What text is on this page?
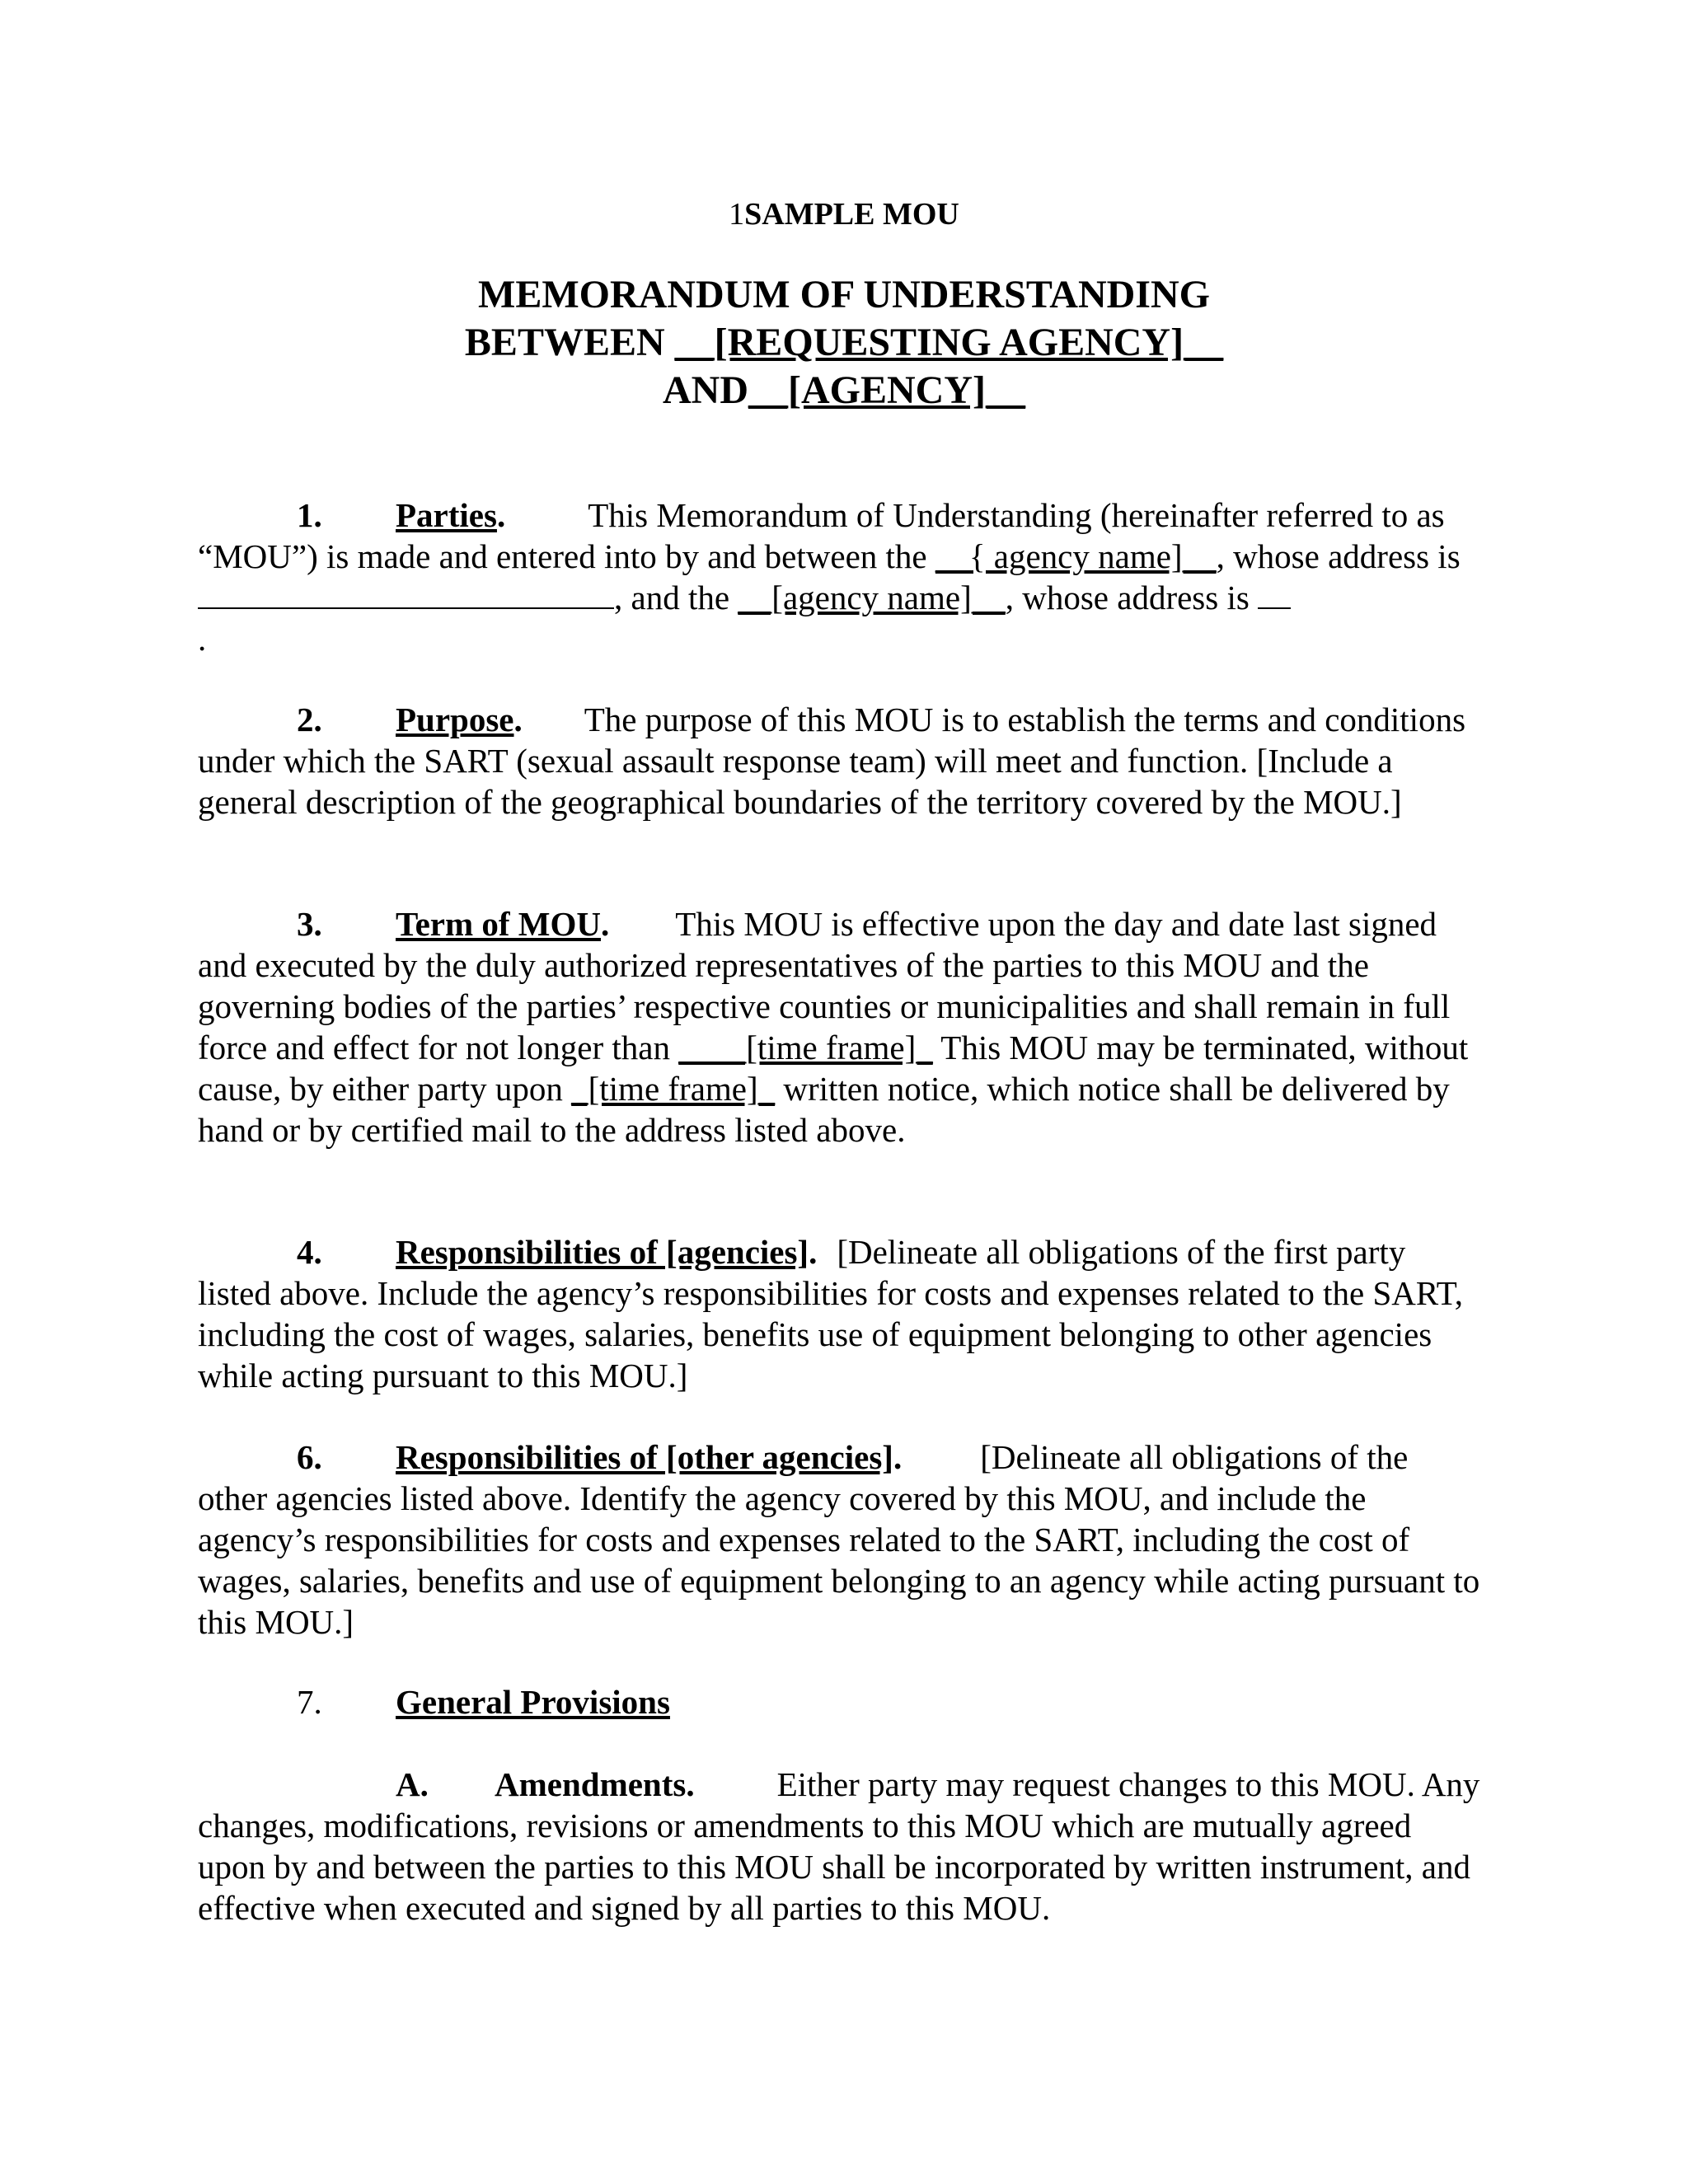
1SAMPLE MOU
MEMORANDUM OF UNDERSTANDING
BETWEEN __[REQUESTING AGENCY]__
AND__[AGENCY]__
1. Parties. This Memorandum of Understanding (hereinafter referred to as “MOU”) is made and entered into by and between the __{ agency name]__, whose address is , and the __[agency name]__, whose address is
.
2. Purpose. The purpose of this MOU is to establish the terms and conditions under which the SART (sexual assault response team) will meet and function. [Include a general description of the geographical boundaries of the territory covered by the MOU.]
3. Term of MOU. This MOU is effective upon the day and date last signed and executed by the duly authorized representatives of the parties to this MOU and the governing bodies of the parties’ respective counties or municipalities and shall remain in full force and effect for not longer than ____[time frame]_ This MOU may be terminated, without cause, by either party upon _[time frame]_ written notice, which notice shall be delivered by hand or by certified mail to the address listed above.
4. Responsibilities of [agencies]. [Delineate all obligations of the first party listed above. Include the agency’s responsibilities for costs and expenses related to the SART, including the cost of wages, salaries, benefits use of equipment belonging to other agencies while acting pursuant to this MOU.]
6. Responsibilities of [other agencies]. [Delineate all obligations of the other agencies listed above. Identify the agency covered by this MOU, and include the agency’s responsibilities for costs and expenses related to the SART, including the cost of wages, salaries, benefits and use of equipment belonging to an agency while acting pursuant to this MOU.]
7. General Provisions
A. Amendments. Either party may request changes to this MOU. Any changes, modifications, revisions or amendments to this MOU which are mutually agreed upon by and between the parties to this MOU shall be incorporated by written instrument, and effective when executed and signed by all parties to this MOU.
